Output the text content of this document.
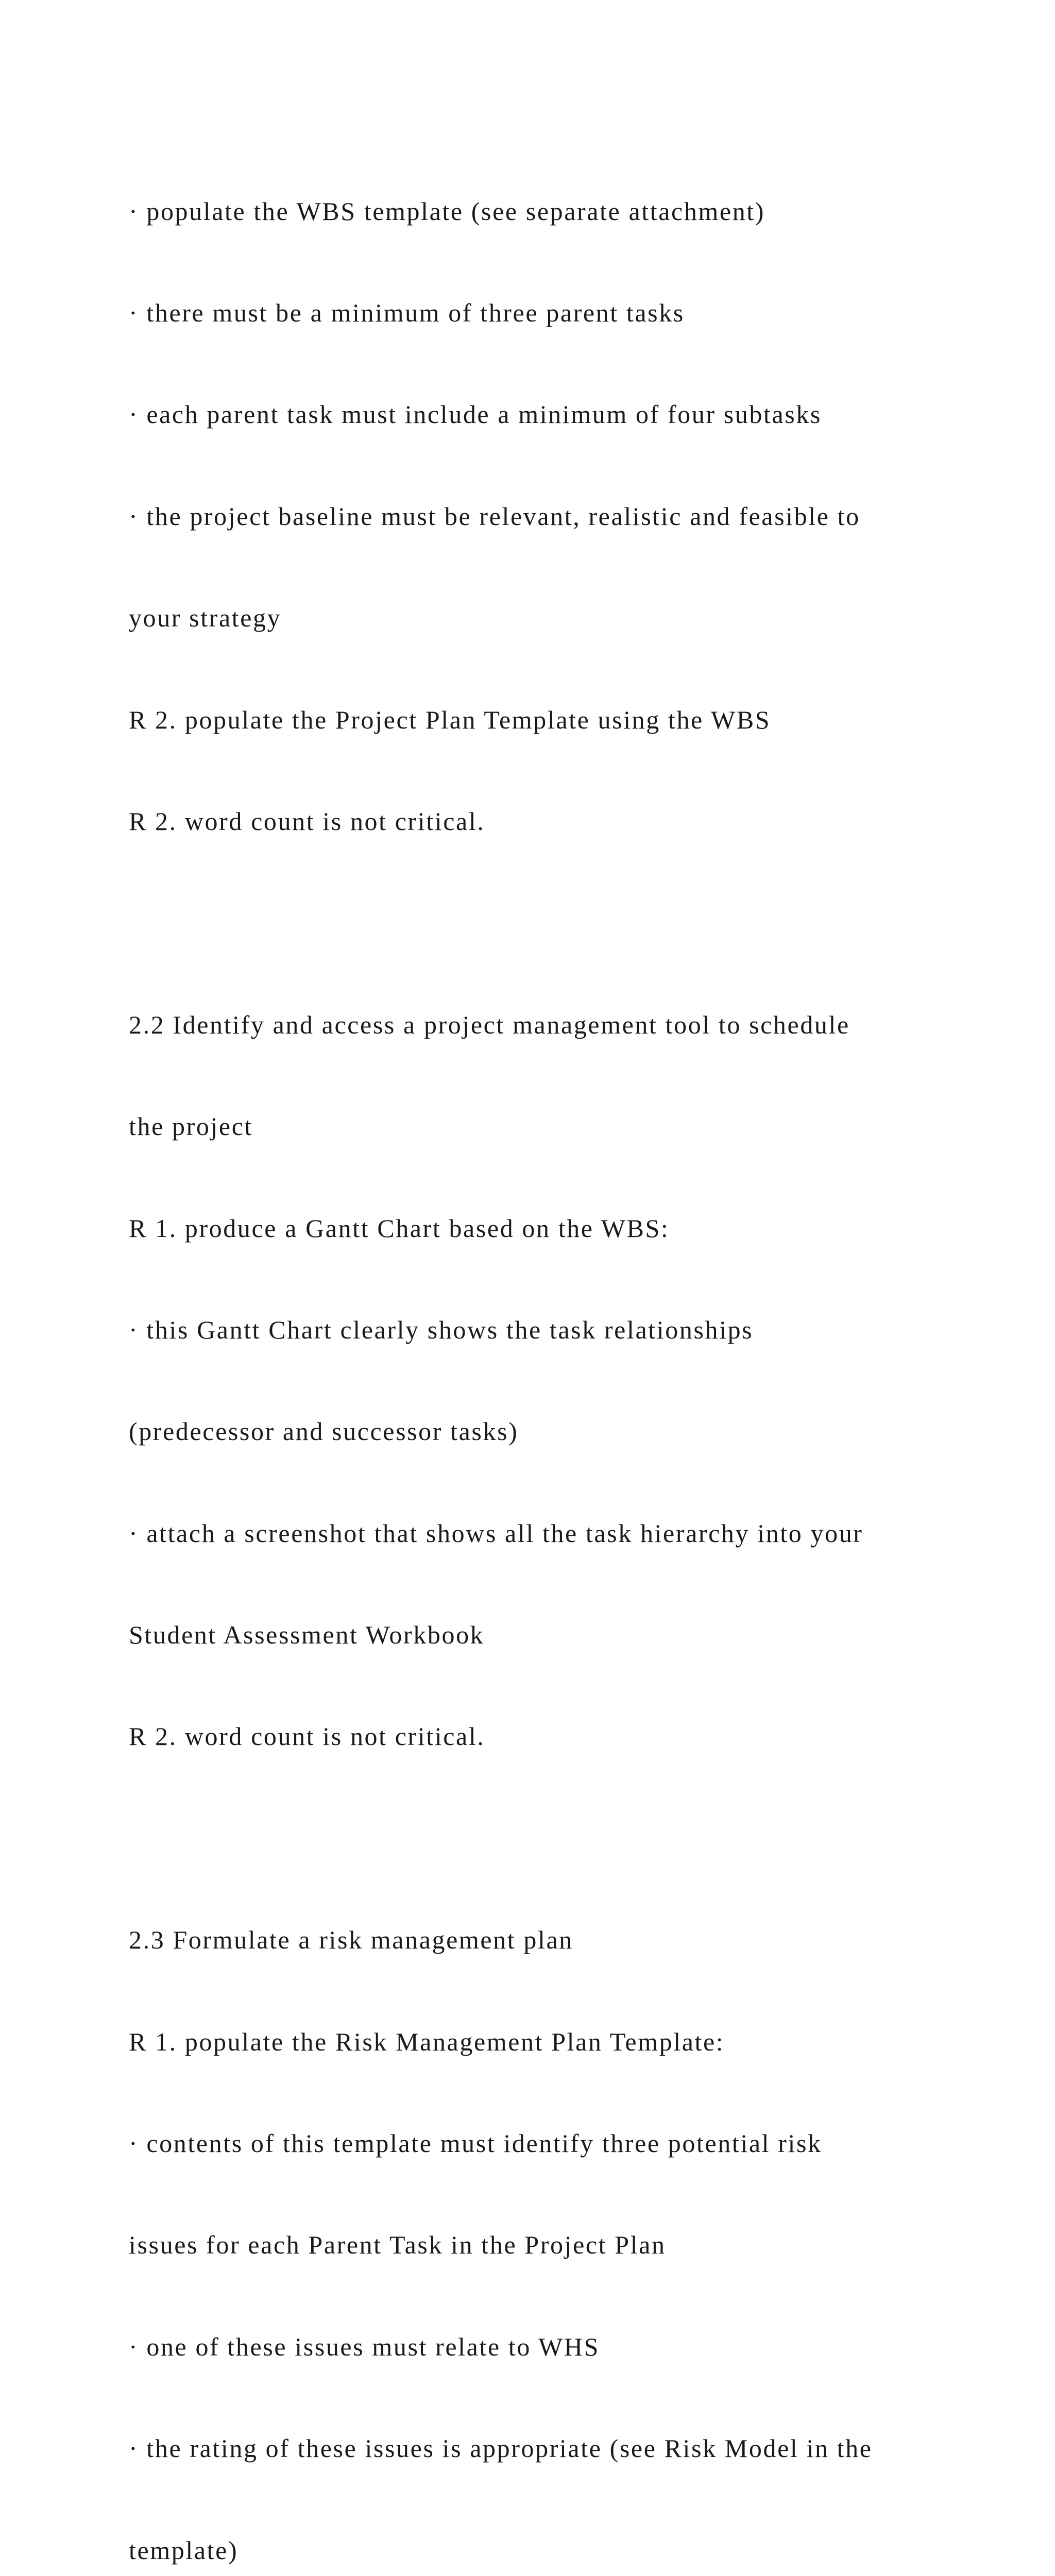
· populate the WBS template (see separate attachment)

· there must be a minimum of three parent tasks

· each parent task must include a minimum of four subtasks

· the project baseline must be relevant, realistic and feasible to

your strategy

R 2. populate the Project Plan Template using the WBS

R 2. word count is not critical.

2.2 Identify and access a project management tool to schedule

the project

R 1. produce a Gantt Chart based on the WBS:

· this Gantt Chart clearly shows the task relationships

(predecessor and successor tasks)

· attach a screenshot that shows all the task hierarchy into your

Student Assessment Workbook

R 2. word count is not critical.

2.3 Formulate a risk management plan

R 1. populate the Risk Management Plan Template:

· contents of this template must identify three potential risk

issues for each Parent Task in the Project Plan

· one of these issues must relate to WHS

· the rating of these issues is appropriate (see Risk Model in the

template)
